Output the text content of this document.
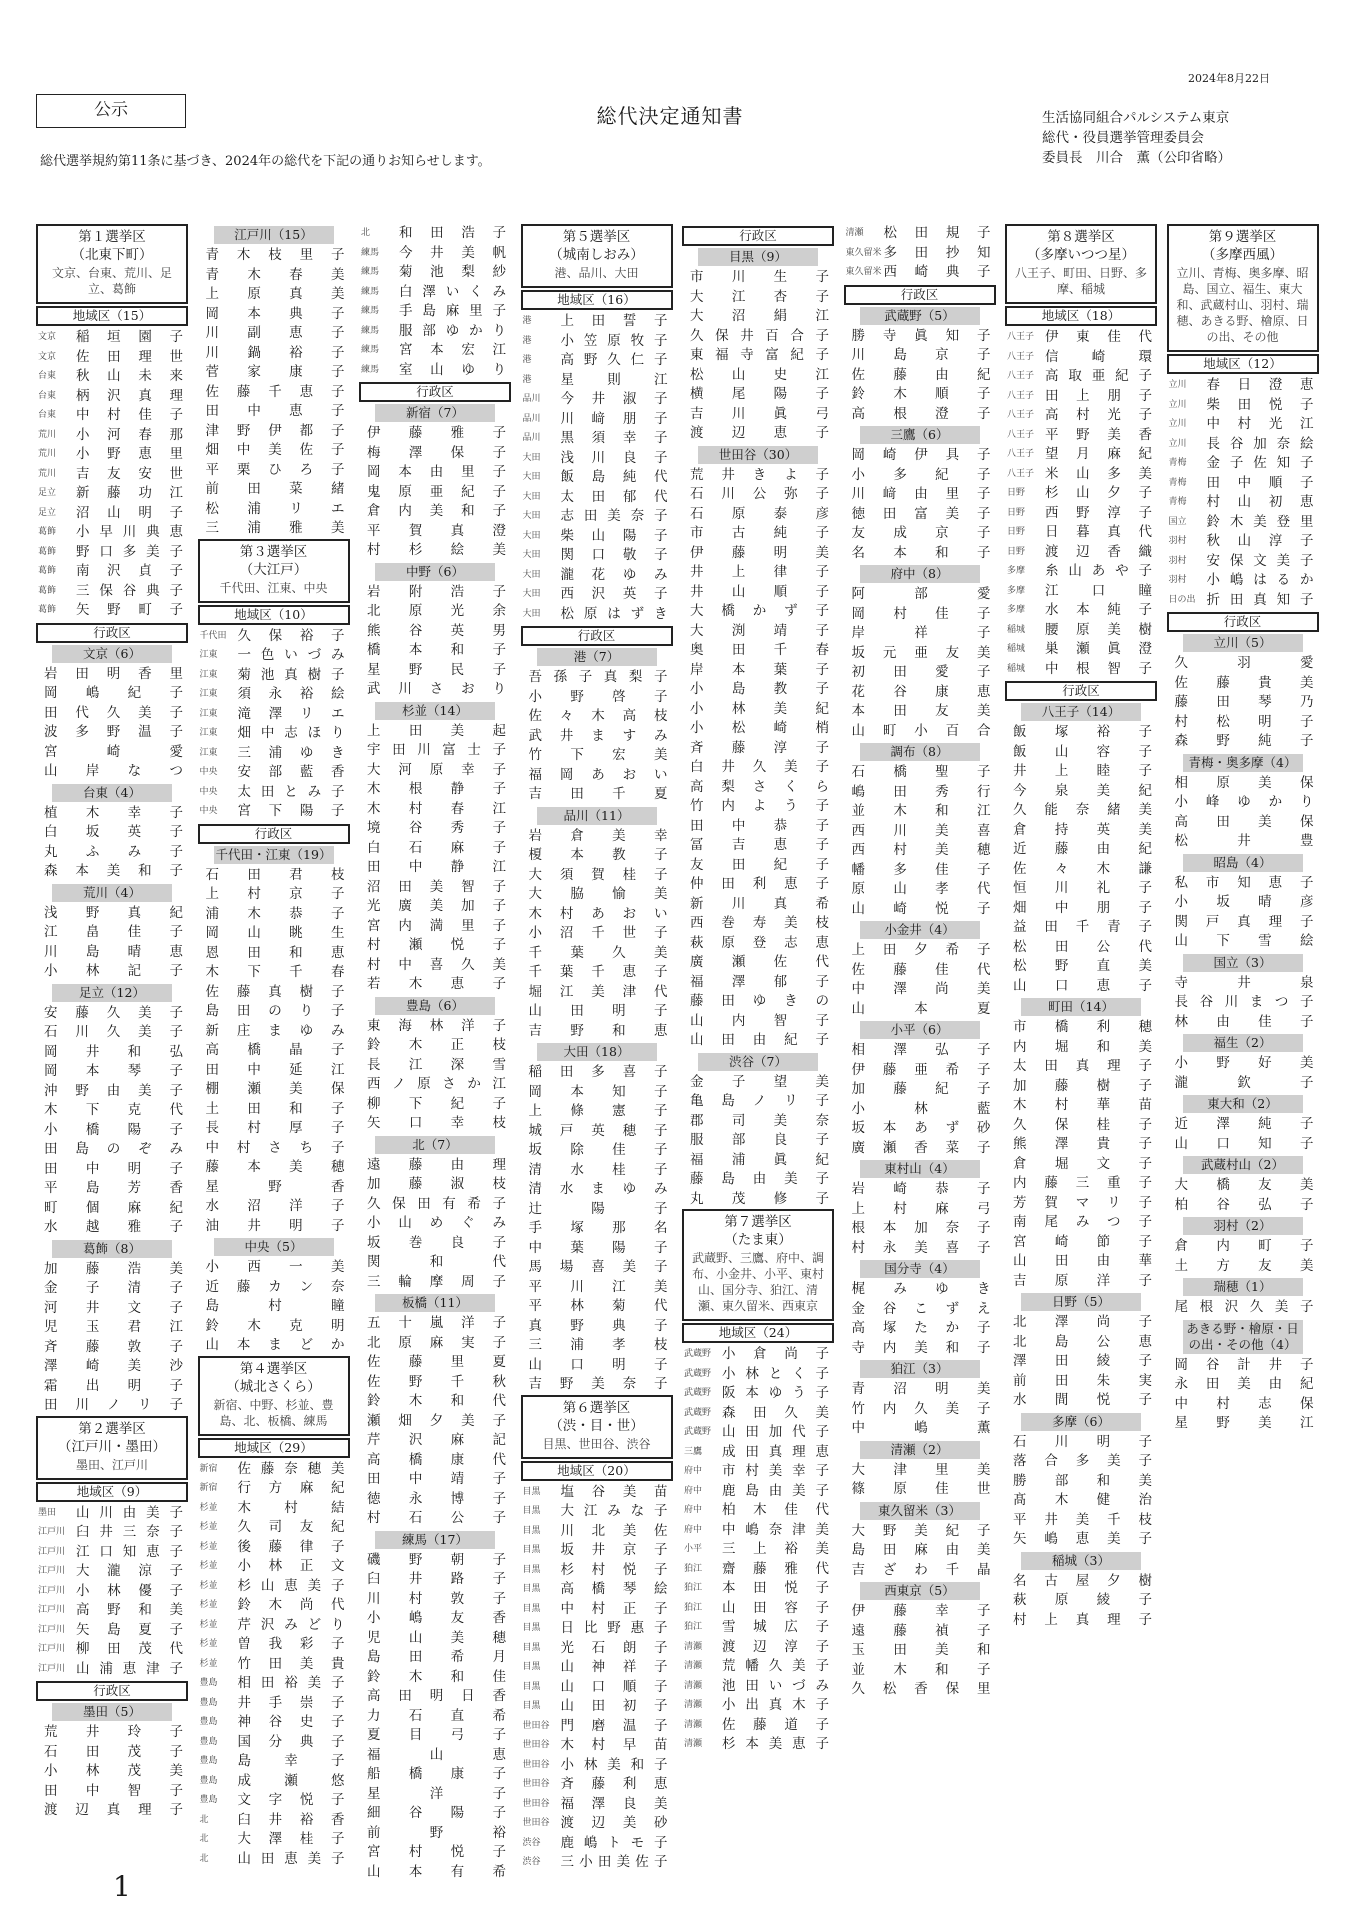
2024年8月22日
公示	総代決定通知書	生活協同組合パルシステム東京
総代・役員選挙管理委員会
委員長　川合　薫（公印省略）
総代選挙規約第11条に基づき、2024年の総代を下記の通りお知らせします。
第１選挙区
（北東下町）
文京、台東、荒川、足立、葛飾
地域区（15）
文京 稲垣園子
文京 佐田理世
台東 秋山未来
台東 柄沢真理
台東 中村佳子
荒川 小河春那
荒川 小野恵里
荒川 吉友安世
足立 新藤功江
足立 沼山明子
葛飾 小早川典恵
葛飾 野口多美子
葛飾 南沢貞子
葛飾 三保谷典子
葛飾 矢野町子
行政区
文京（6）
岩田明香里
岡嶋紀子
田代久美子
波多野温子
宮崎愛
山岸なつ
台東（4）
植木幸子
白坂英子
丸ふみ子
森本美和子
荒川（4）
浅野真紀
江畠佳子
川島晴恵
小林記子
足立（12）
安藤久美子
石川久美子
岡井和弘
岡本琴子
沖野由美子
木下克代
小橋陽子
田島のぞみ
田中明子
平島芳香
町個麻紀
水越雅子
葛飾（8）
加藤浩美
金子清子
河井文子
児玉君江
斉藤敦子
澤崎美沙
霜出明子
田川ノリ子
第２選挙区
（江戸川・墨田）
墨田、江戸川
地域区（9）
墨田 山川由美子
江戸川 臼井三奈子
江戸川 江口知恵子
江戸川 大瀧涼子
江戸川 小林優子
江戸川 高野和美
江戸川 矢島夏子
江戸川 柳田茂代
江戸川 山浦恵津子
行政区
墨田（5）
荒井玲子
石田茂子
小林茂美
田中智子
渡辺真理子
江戸川（15）
青木枝里子
青木春美
上原真美
岡本典子
川副恵子
川鍋裕子
菅家康子
佐藤千恵子
田中恵子
津野伊都子
畑中美佐子
平栗ひろ子
前田菜緒
松浦リエ
三浦雅美
第３選挙区
（大江戸）
千代田、江東、中央
地域区（10）
千代田 久保裕子
江東 一色いづみ
江東 菊池真樹子
江東 須永裕絵
江東 滝澤リエ
江東 畑中志ほり
江東 三浦ゆき
中央 安部藍香
中央 太田とみ子
中央 宮下陽子
行政区
千代田・江東（19）
石田君枝
上村京子
浦木恭子
岡山眺生
恩田和恵
木下千春
佐藤真樹子
島田のり子
新庄まゆみ
高橋晶子
田中延江
棚瀬美保
土田和子
長村厚子
中村さち子
藤本美穂
星野香
水沼洋子
油井明子
中央（5）
小西一美
近藤カン奈
島村瞳
鈴木克明
山本まどか
第４選挙区
（城北さくら）
新宿、中野、杉並、豊島、北、板橋、練馬
地域区（29）
新宿 佐藤奈穂美
新宿 行方麻紀
杉並 木村結
杉並 久司友紀
杉並 後藤律子
杉並 小林正文
杉並 杉山恵美子
杉並 鈴木尚代
杉並 芹沢みどり
杉並 曽我彩子
杉並 竹田美貴
豊島 相田裕美子
豊島 井手崇子
豊島 神谷史子
豊島 国分典子
豊島 島幸子
豊島 成瀬悠
豊島 文字悦子
北 臼井裕香
北 大澤桂子
北 山田恵美子
北 和田浩子
練馬 今井美帆
練馬 菊池梨紗
練馬 白澤いくみ
練馬 手島麻里子
練馬 服部ゆかり
練馬 宮本宏江
練馬 室山ゆり
行政区
新宿（7）
伊藤雅子
梅澤保子
岡本由里子
鬼原亜紀子
倉内美和子
平賀真澄
村杉絵美
中野（6）
岩附浩子
北原光余
熊谷英男
橋本和子
星野民子
武川さおり
杉並（14）
上田美起
宇田川富士子
大河原幸子
木根静子
木村春江
境谷秀子
白石麻子
田中静江
沼田美智子
光廣美加子
宮内満里子
村瀬悦子
村中喜久美
若木恵子
豊島（6）
東海林洋子
鈴木正枝
長江深雪
西ノ原さか江
柳下紀子
矢口幸枝
北（7）
遠藤由理
加藤淑枝
久保田有希子
小山めぐみ
坂巻良子
関和代
三輪摩周子
板橋（11）
五十嵐洋子
北原麻実子
佐藤里夏
佐野千秋
鈴木和代
瀬畑夕美子
芹沢麻記
高橋康代
田中靖子
徳永博子
村石公子
練馬（17）
磯野朝子
臼井路子
川村敦子
小嶋友香
児山美穂
島田希月
鈴木和佳
高田明日香
力石直希
夏目弓子
福山恵
船橋康子
星洋子
細谷陽子
前野裕
宮村悦子
山本有希
第５選挙区
（城南しおみ）
港、品川、大田
地域区（16）
港 上田誓子
港 小笠原牧子
港 高野久仁子
港 星則江
品川 今井淑子
品川 川﨑朋子
品川 黒須幸子
大田 浅川良子
大田 飯島純代
大田 太田郁代
大田 志田美奈子
大田 柴山陽子
大田 関口敬子
大田 瀧花ゆみ
大田 西沢英子
大田 松原はずき
行政区
港（7）
吾孫子真梨子
小野啓子
佐々木高枝
武井ますみ
竹下宏美
福岡あおい
吉田千夏
品川（11）
岩倉美幸
榎本教子
大須賀桂子
大脇愉美
木村あおい
小沼千世子
千葉久美
千葉千恵子
堀江美津代
山田明子
吉野和恵
大田（18）
稲田多喜子
岡本知子
上條憲子
城戸英穂子
坂除佳子
清水桂子
清水まゆみ
辻陽子
手塚那名
中葉陽子
馬場喜美子
平川江美
平林菊代
真野典子
三浦孝枝
山口明子
吉野美奈子
第６選挙区
（渋・目・世）
目黒、世田谷、渋谷
地域区（20）
目黒 塩谷美苗
目黒 大江みな子
目黒 川北美佐
目黒 坂井京子
目黒 杉村悦子
目黒 高橋琴絵
目黒 中村正子
目黒 日比野惠子
目黒 光石朗子
目黒 山神祥子
目黒 山口順子
目黒 山田初子
世田谷 門磨温子
世田谷 木村早苗
世田谷 小林美和子
世田谷 斉藤利恵
世田谷 福澤良美
世田谷 渡辺美砂
渋谷 鹿嶋トモ子
渋谷 三小田美佐子
行政区
目黒（9）
市川生子
大江杏子
大沼絹江
久保井百合子
東福寺富紀子
松山史江
横尾陽子
吉川眞弓
渡辺恵子
世田谷（30）
荒井きよ子
石川公弥子
石原泰彦
市古純子
伊藤明美
井上律子
井山順子
大橋かず子
大渕靖子
奥田千春
岸本葉子
小島教子
小林美紀
小松崎梢
斉藤淳子
白井久美子
高梨さくら
竹内よう子
田中恭子
冨吉恵子
友田紀子
仲田利恵子
新川真希
西巻寿美枝
萩原登志恵
廣瀬佐代
福澤郁子
藤田ゆきの
山内智子
山田由紀子
渋谷（7）
金子望美
亀島ノリ子
郡司美奈
服部良子
福浦眞紀
藤島由美子
丸茂修子
第７選挙区
（たま東）
武蔵野、三鷹、府中、調布、小金井、小平、東村山、国分寺、狛江、清瀬、東久留米、西東京
地域区（24）
武蔵野 小倉尚子
武蔵野 小林とく子
武蔵野 阪本ゆう子
武蔵野 森田久美
武蔵野 山田加代子
三鷹 成田真理恵
府中 市村美幸子
府中 鹿島由美子
府中 柏木佳代
府中 中嶋奈津美
小平 三上裕美
狛江 齋藤雅代
狛江 本田悦子
狛江 山田容子
狛江 雪城広子
清瀬 渡辺淳子
清瀬 荒幡久美子
清瀬 池田いづみ
清瀬 小出真木子
清瀬 佐藤道子
清瀬 杉本美恵子
清瀬 松田規子
東久留米 多田抄知
東久留米 西崎典子
行政区
武蔵野（5）
勝寺眞知子
川島京子
佐藤由紀
鈴木順子
高根澄子
三鷹（6）
岡崎伊具子
小多紀子
川﨑由里子
徳田富美子
友成京子
名本和子
府中（8）
阿部愛
岡村佳子
岸祥子
坂元亜友美
初田愛子
花谷康恵
本田友美
山町小百合
調布（8）
石橋聖子
嶋田秀行
並木和江
西川美喜
西村美穂
幡多佳子
原山孝代
山崎悦子
小金井（4）
上田夕希子
佐藤佳代
中澤尚美
山本夏
小平（6）
相澤弘子
伊藤亜希子
加藤紀子
小林藍
坂本あず砂
廣瀬香菜子
東村山（4）
岩崎恭子
上村麻弓
根本加奈子
村永美喜子
国分寺（4）
梶みゆき
金谷こずえ
高塚たか子
寺内美和子
狛江（3）
青沼明美
竹内久美子
中嶋薫
清瀬（2）
大津里美
篠原佳世
東久留米（3）
大野美紀子
島田麻由美
吉ざわ千晶
西東京（5）
伊藤幸子
遠藤禎子
玉田美和
並木和子
久松香保里
第８選挙区
（多摩いつつ星）
八王子、町田、日野、多摩、稲城
地域区（18）
八王子 伊東佳代
八王子 信崎環
八王子 高取亜紀子
八王子 田上朋子
八王子 高村光子
八王子 平野美香
八王子 望月麻紀
八王子 米山多美
日野 杉山夕子
日野 西野淳子
日野 日暮真代
日野 渡辺香織
多摩 糸山あや子
多摩 江口瞳
多摩 水本純子
稲城 腰原美樹
稲城 巣瀬眞澄
稲城 中根智子
行政区
八王子（14）
飯塚裕子
飯山容子
井上睦子
今泉美紀
久能奈緒美
倉持英美
近藤由紀
佐々木謙
恒川礼子
畑中朋子
益田千青子
松田公代
松野直美
山口恵子
町田（14）
市橋利穂
内堀和美
太田真理子
加藤樹子
木村華苗
久保桂子
熊澤貴子
倉堀文子
内藤三重子
芳賀マリ子
南尾みつ子
宮崎節子
山田由華
吉原洋子
日野（5）
北澤尚子
北島公恵
澤田綾子
前田朱実
水間悦子
多摩（6）
石川明子
落合多美子
勝部和美
髙木健治
平井美千枝
矢嶋恵美子
稲城（3）
名古屋夕樹
萩原綾子
村上真理子
第９選挙区
（多摩西風）
立川、青梅、奥多摩、昭島、国立、福生、東大和、武蔵村山、羽村、瑞穂、あきる野、檜原、日の出、その他
地域区（12）
立川 春日澄恵
立川 柴田悦子
立川 中村光江
立川 長谷加奈絵
青梅 金子佐知子
青梅 田中順子
青梅 村山初恵
国立 鈴木美登里
羽村 秋山淳子
羽村 安保文美子
羽村 小嶋はるか
日の出 折田真知子
行政区
立川（5）
久羽愛
佐藤貴美
藤田琴乃
村松明子
森野純子
青梅・奥多摩（4）
相原美保
小峰ゆかり
高田美保
松井豊
昭島（4）
私市知恵子
小坂晴彦
関戸真理子
山下雪絵
国立（3）
寺井泉
長谷川まつ子
林由佳子
福生（2）
小野好美
瀧欽子
東大和（2）
近澤純子
山口知子
武蔵村山（2）
大橋友美
柏谷弘子
羽村（2）
倉内町子
土方友美
瑞穂（1）
尾根沢久美子
あきる野・檜原・日の出・その他（4）
岡谷計井子
永田美由紀
中村志保
星野美江
1
